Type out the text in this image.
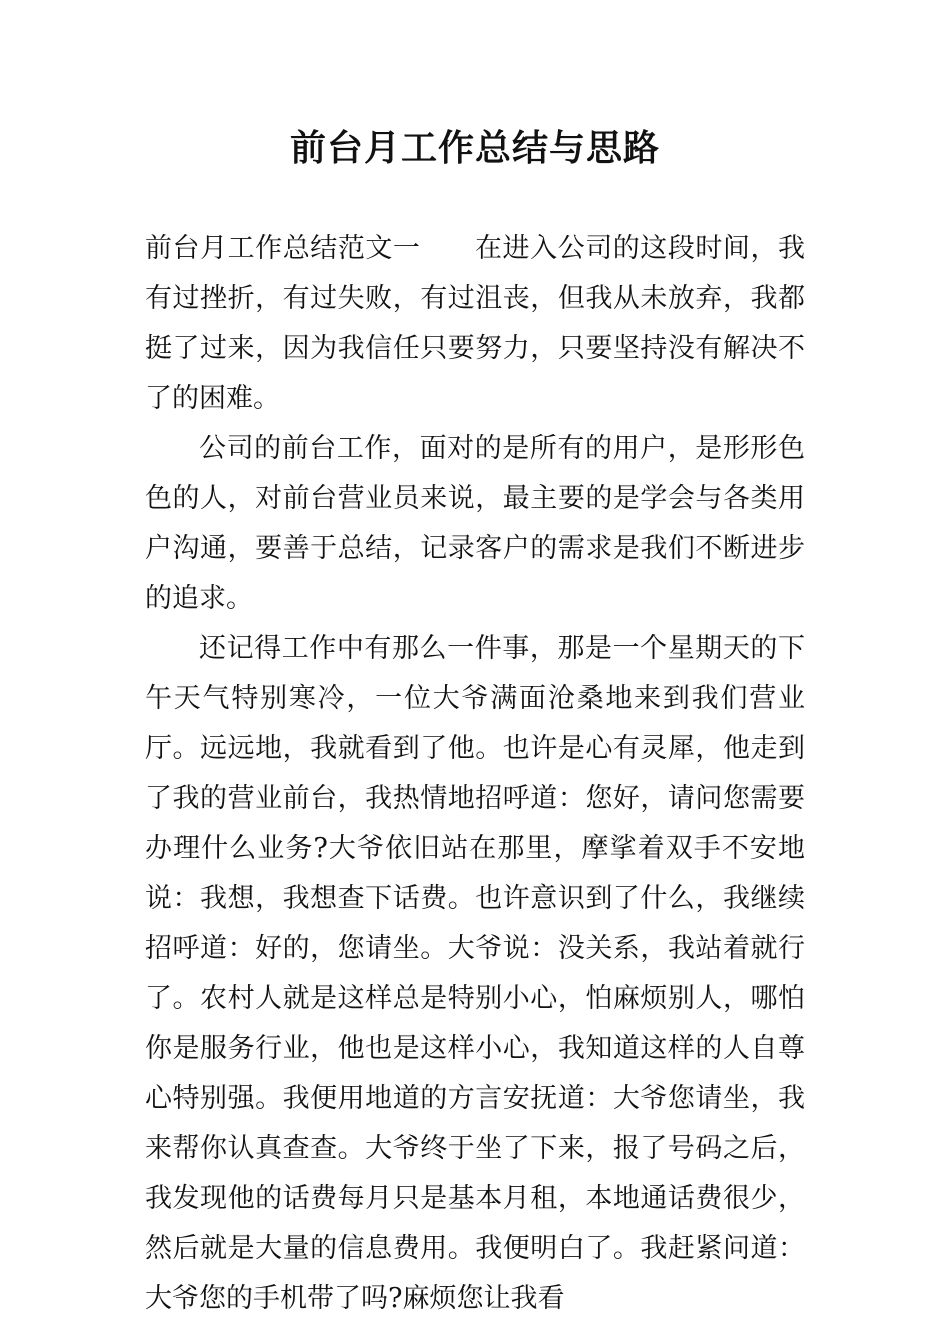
前台月工作总结与思路

前台月工作总结范文一 在进入公司的这段时间，我有过挫折，有过失败，有过沮丧，但我从未放弃，我都挺了过来，因为我信任只要努力，只要坚持没有解决不了的困难。

公司的前台工作，面对的是所有的用户，是形形色色的人，对前台营业员来说，最主要的是学会与各类用户沟通，要善于总结，记录客户的需求是我们不断进步的追求。

还记得工作中有那么一件事，那是一个星期天的下午天气特别寒冷，一位大爷满面沧桑地来到我们营业厅。远远地，我就看到了他。也许是心有灵犀，他走到了我的营业前台，我热情地招呼道：您好，请问您需要办理什么业务?大爷依旧站在那里，摩挲着双手不安地说：我想，我想查下话费。也许意识到了什么，我继续招呼道：好的，您请坐。大爷说：没关系，我站着就行了。农村人就是这样总是特别小心，怕麻烦别人，哪怕你是服务行业，他也是这样小心，我知道这样的人自尊心特别强。我便用地道的方言安抚道：大爷您请坐，我来帮你认真查查。大爷终于坐了下来，报了号码之后，我发现他的话费每月只是基本月租，本地通话费很少，然后就是大量的信息费用。我便明白了。我赶紧问道：大爷您的手机带了吗?麻烦您让我看
